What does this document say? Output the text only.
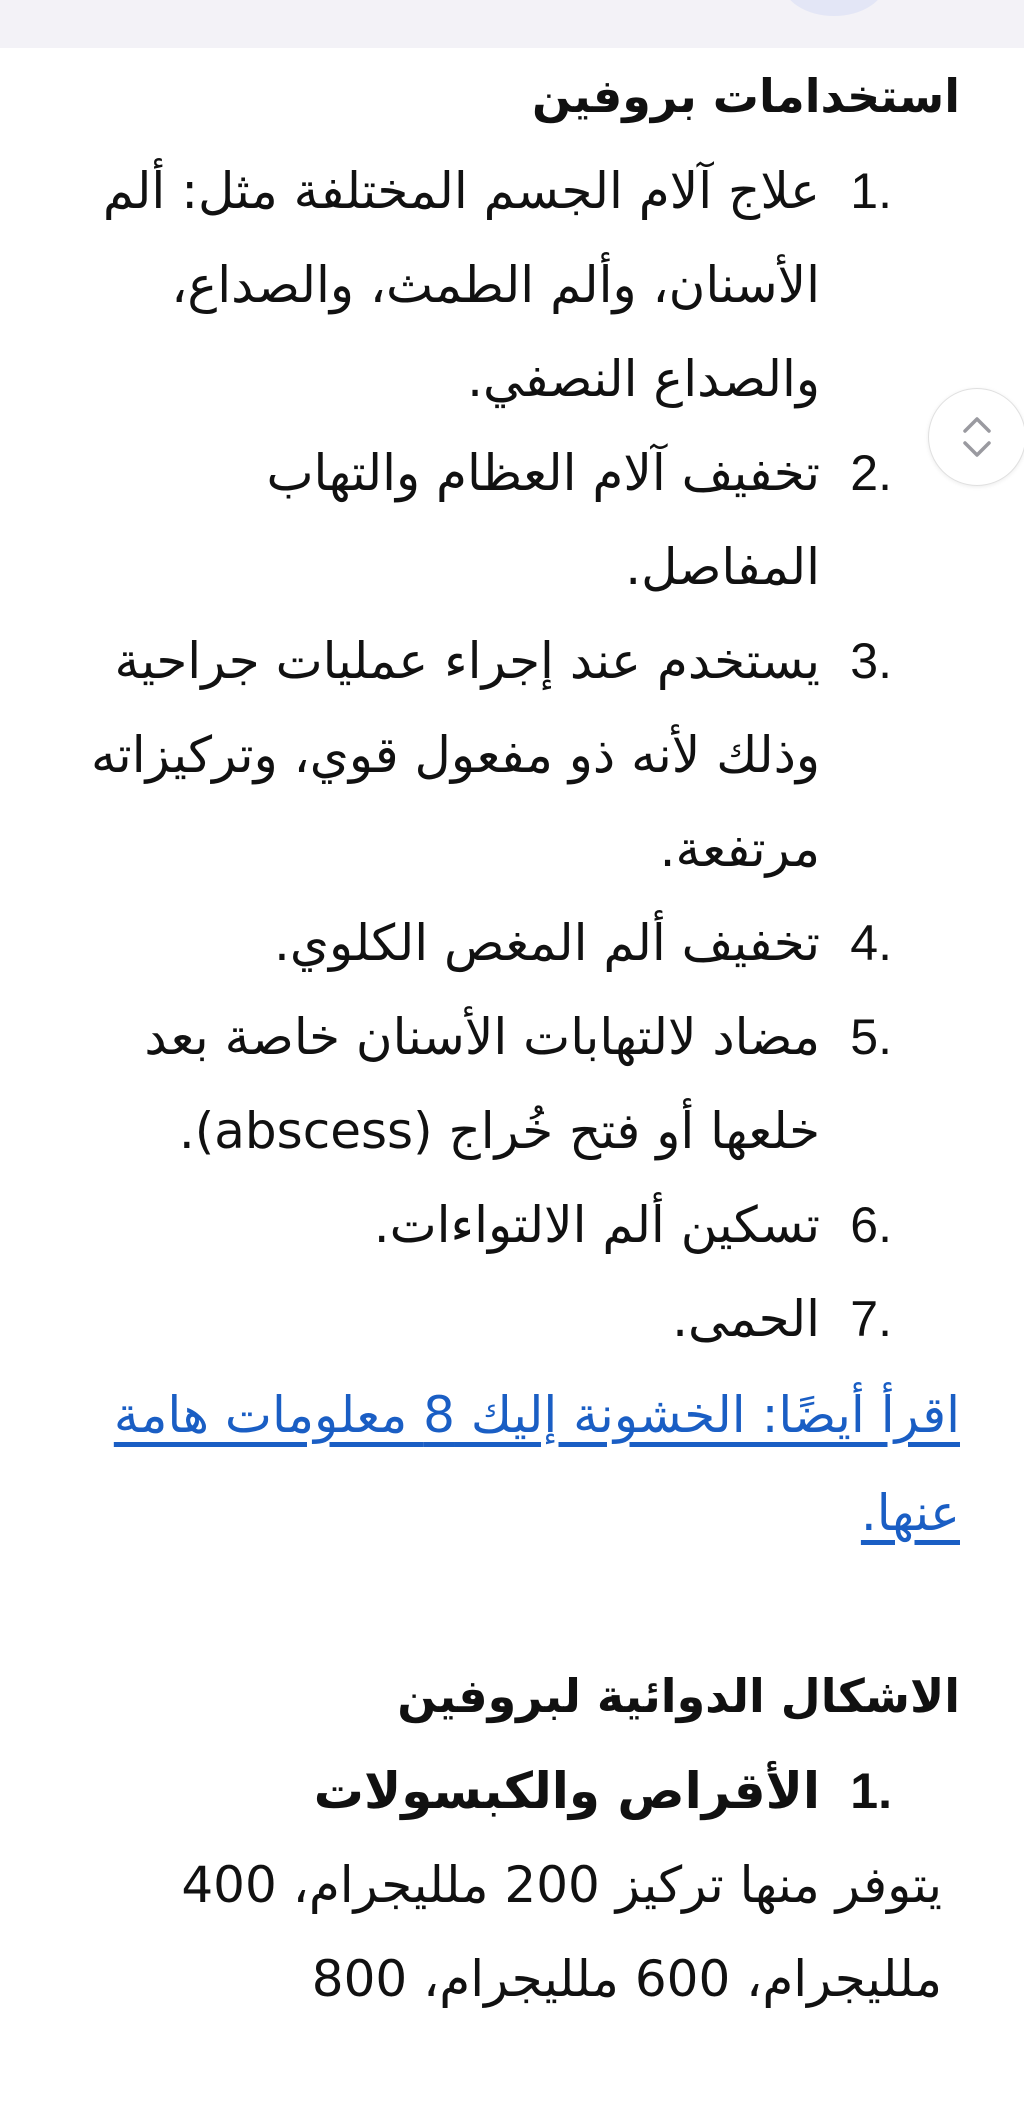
استخدامات بروفين
1.
علاج آلام الجسم المختلفة مثل: ألم الأسنان، وألم الطمث، والصداع، والصداع النصفي.
2.
تخفيف آلام العظام والتهاب المفاصل.
3.
يستخدم عند إجراء عمليات جراحية وذلك لأنه ذو مفعول قوي، وتركيزاته مرتفعة.
4.
تخفيف ألم المغص الكلوي.
5.
مضاد لالتهابات الأسنان خاصة بعد خلعها أو فتح خُراج (abscess).
6.
تسكين ألم الالتواءات.
7.
الحمى.
اقرأ أيضًا: الخشونة إليك 8 معلومات هامة عنها.
الاشكال الدوائية لبروفين
1.
الأقراص والكبسولات

يتوفر منها تركيز 200 ملليجرام، 400 ملليجرام، 600 ملليجرام، 800
